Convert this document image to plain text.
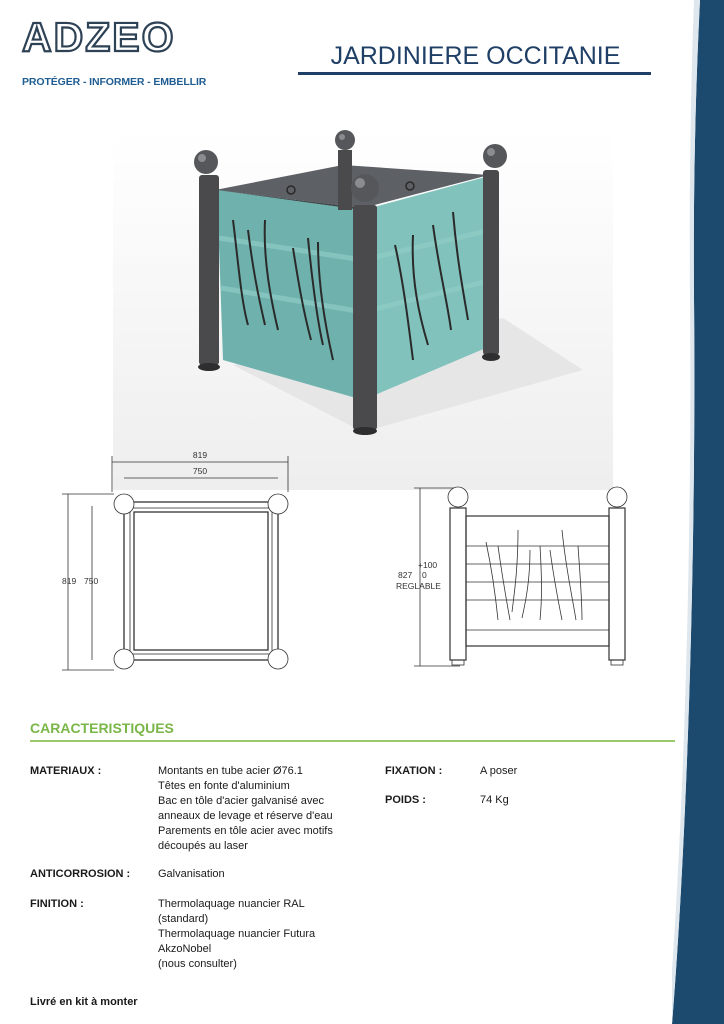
ADZEO
PROTÉGER - INFORMER - EMBELLIR
JARDINIERE OCCITANIE
819
750
819 750
827
+100
0
REGLABLE
CARACTERISTIQUES
MATERIAUX :	Montants en tube acier Ø76.1
Têtes en fonte d'aluminium
Bac en tôle d'acier galvanisé avec
anneaux de levage et réserve d'eau
Parements en tôle acier avec motifs
découpés au laser
ANTICORROSION :	Galvanisation
FINITION :	Thermolaquage nuancier RAL
(standard)
Thermolaquage nuancier Futura
AkzoNobel
(nous consulter)
FIXATION :	A poser
POIDS :	74 Kg
Livré en kit à monter
